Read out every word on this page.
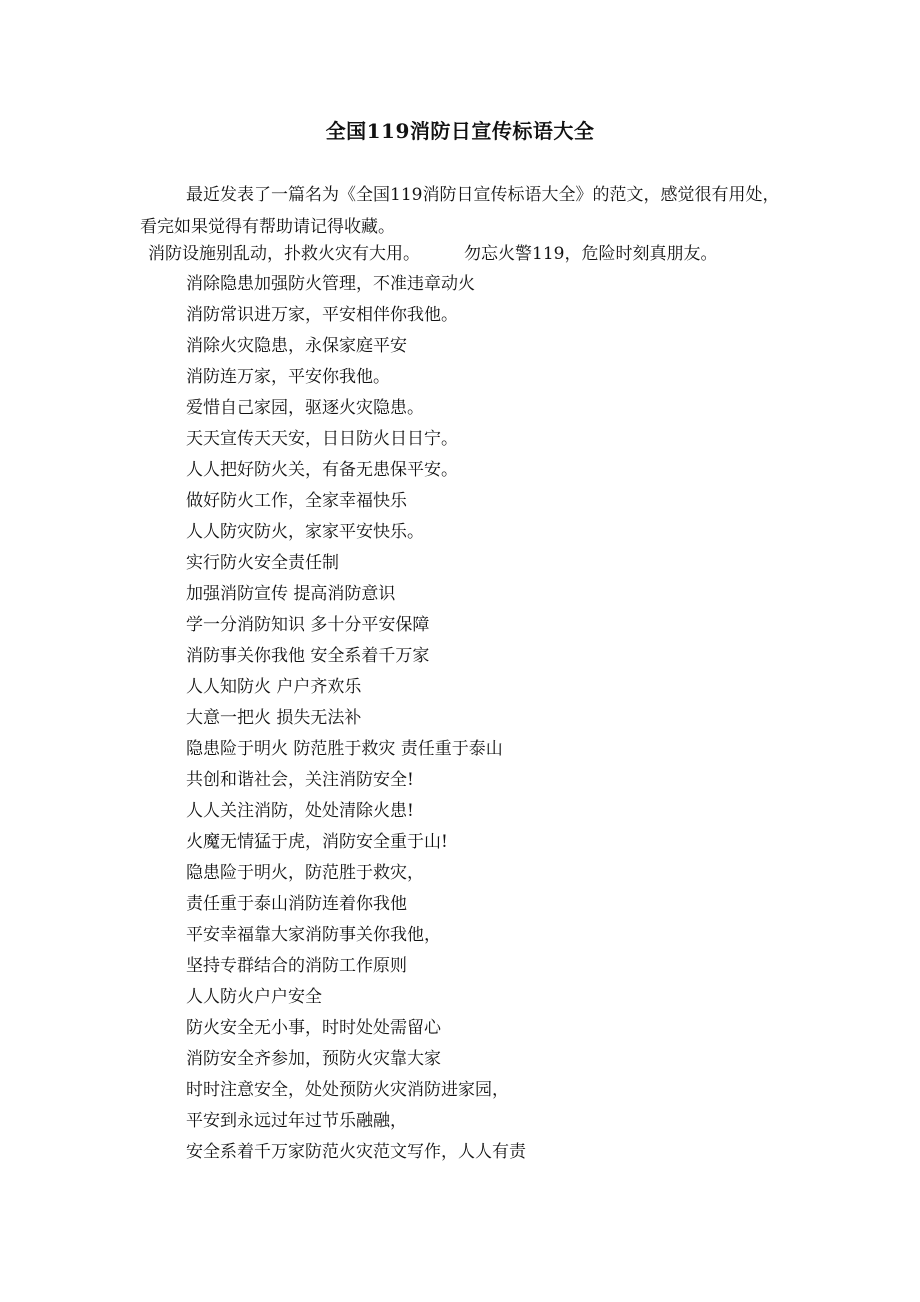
全国119消防日宣传标语大全

最近发表了一篇名为《全国119消防日宣传标语大全》的范文，感觉很有用处，看完如果觉得有帮助请记得收藏。

消防设施别乱动，扑救火灾有大用。	勿忘火警119，危险时刻真朋友。
消除隐患加强防火管理，不准违章动火
消防常识进万家，平安相伴你我他。
消除火灾隐患，永保家庭平安
消防连万家，平安你我他。
爱惜自己家园，驱逐火灾隐患。
天天宣传天天安，日日防火日日宁。
人人把好防火关，有备无患保平安。
做好防火工作，全家幸福快乐
人人防灾防火，家家平安快乐。
实行防火安全责任制
加强消防宣传 提高消防意识
学一分消防知识 多十分平安保障
消防事关你我他 安全系着千万家
人人知防火 户户齐欢乐
大意一把火 损失无法补
隐患险于明火 防范胜于救灾 责任重于泰山
共创和谐社会，关注消防安全!
人人关注消防，处处清除火患!
火魔无情猛于虎，消防安全重于山!
隐患险于明火，防范胜于救灾，
责任重于泰山消防连着你我他
平安幸福靠大家消防事关你我他，
坚持专群结合的消防工作原则
人人防火户户安全
防火安全无小事，时时处处需留心
消防安全齐参加，预防火灾靠大家
时时注意安全，处处预防火灾消防进家园，
平安到永远过年过节乐融融，
安全系着千万家防范火灾范文写作，人人有责
